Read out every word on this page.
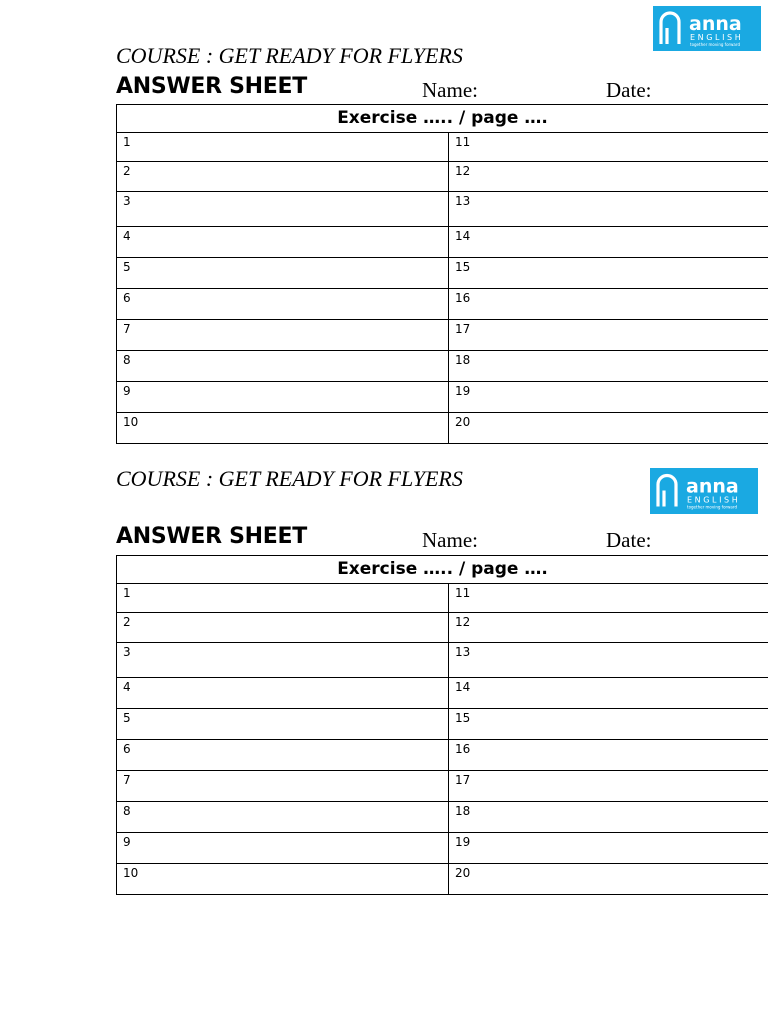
anna
ENGLISH
together moving forward
COURSE : GET READY FOR FLYERS
ANSWER SHEET	Name:	Date:
Exercise ….. / page ….	

1	11

2	12

3	13

4	14

5	15

6	16

7	17

8	18

9	19

10	20
anna
ENGLISH
together moving forward
COURSE : GET READY FOR FLYERS
ANSWER SHEET	Name:	Date:
Exercise ….. / page ….	

1	11

2	12

3	13

4	14

5	15

6	16

7	17

8	18

9	19

10	20
